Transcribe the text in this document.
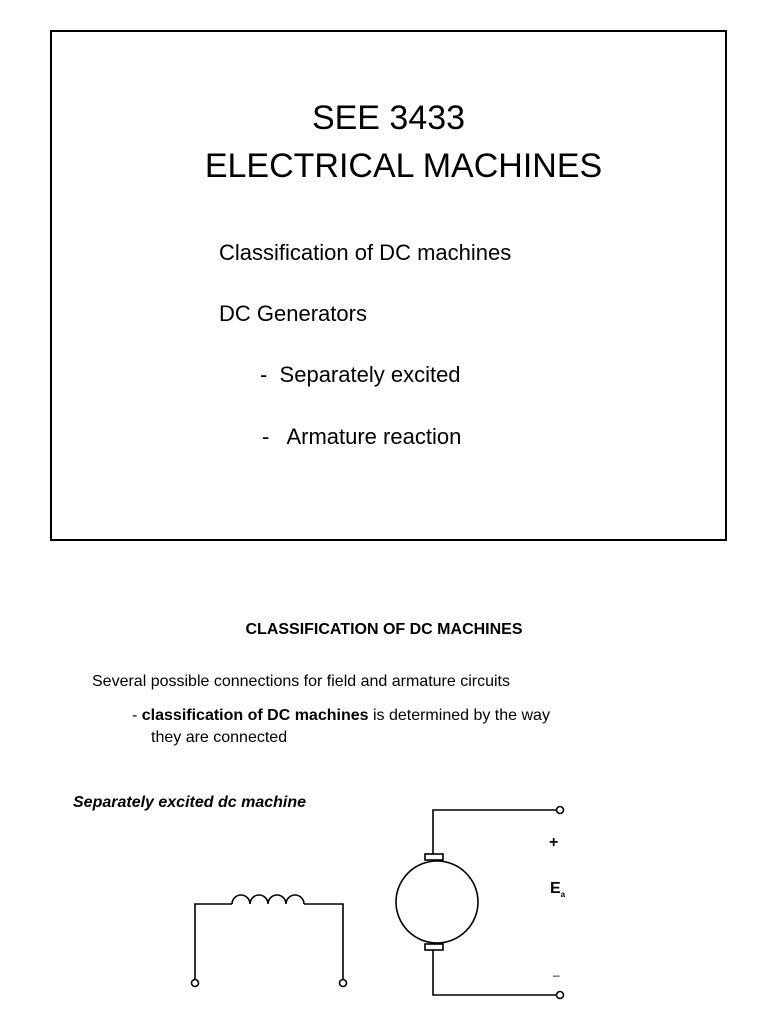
SEE 3433
ELECTRICAL MACHINES
Classification of DC machines
DC Generators
-  Separately excited
-   Armature reaction
CLASSIFICATION OF DC MACHINES
Several possible connections for field and armature circuits
- classification of DC machines is determined by the way
they are connected
Separately excited dc machine
+
$E_a$
–
